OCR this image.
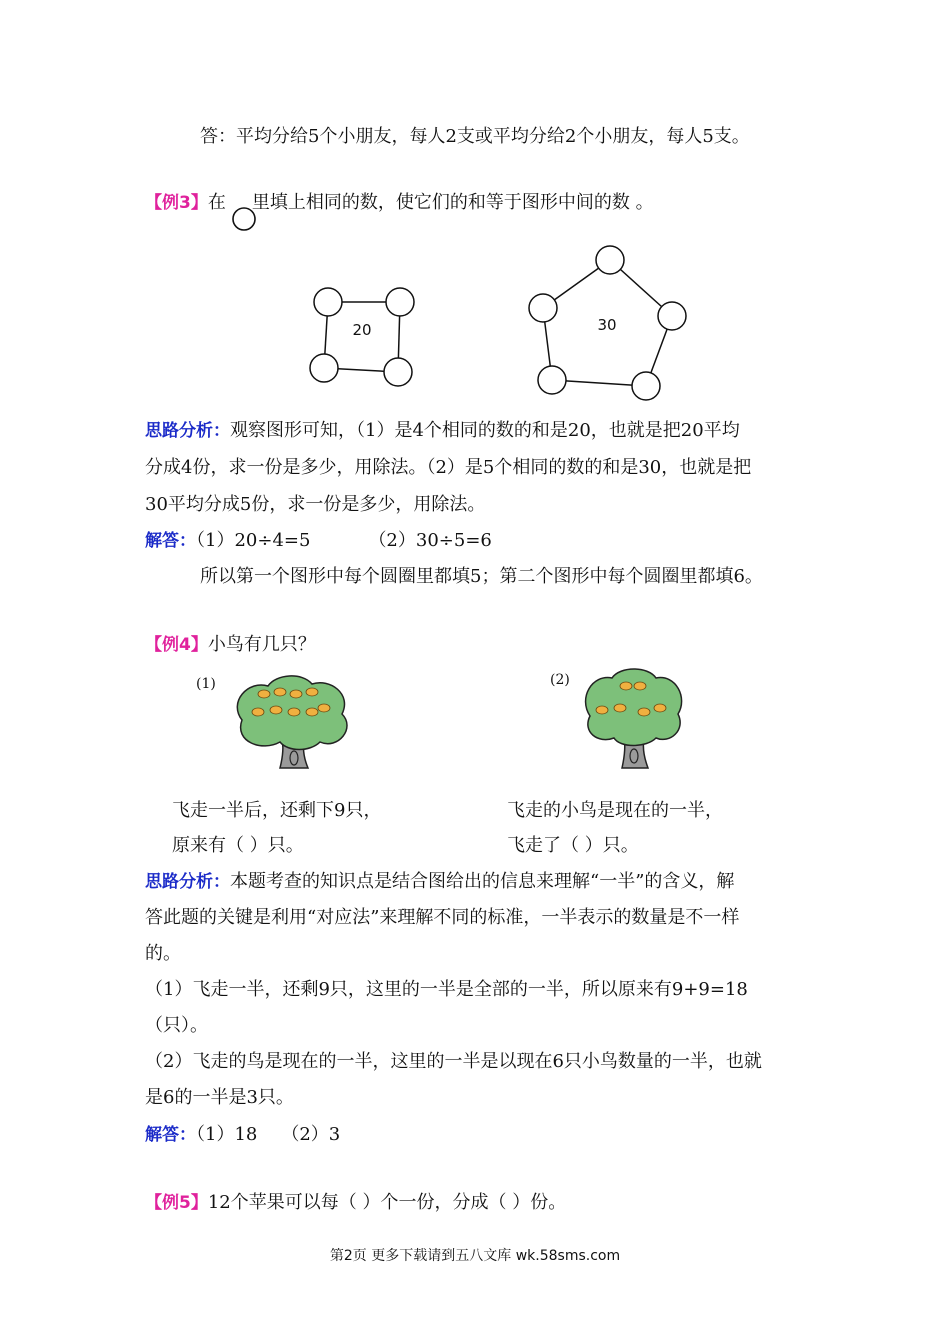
答：平均分给5个小朋友，每人2支或平均分给2个小朋友，每人5支。
【例3】在 里填上相同的数，使它们的和等于图形中间的数 。
20	30
思路分析：观察图形可知，（1）是4个相同的数的和是20，也就是把20平均
分成4份，求一份是多少，用除法。（2）是5个相同的数的和是30，也就是把
30平均分成5份，求一份是多少，用除法。
解答：（1）20÷4=5	（2）30÷5=6
所以第一个图形中每个圆圈里都填5；第二个图形中每个圆圈里都填6。
【例4】小鸟有几只？
(1)	(2)
飞走一半后，还剩下9只，
原来有（ ）只。
飞走的小鸟是现在的一半，
飞走了（ ）只。
思路分析：本题考查的知识点是结合图给出的信息来理解“一半”的含义，解
答此题的关键是利用“对应法”来理解不同的标准，一半表示的数量是不一样
的。
（1）飞走一半，还剩9只，这里的一半是全部的一半，所以原来有9+9=18
（只）。
（2）飞走的鸟是现在的一半，这里的一半是以现在6只小鸟数量的一半，也就
是6的一半是3只。
解答：（1）18 （2）3
【例5】12个苹果可以每（ ）个一份，分成（ ）份。
第2页 更多下载请到五八文库 wk.58sms.com
